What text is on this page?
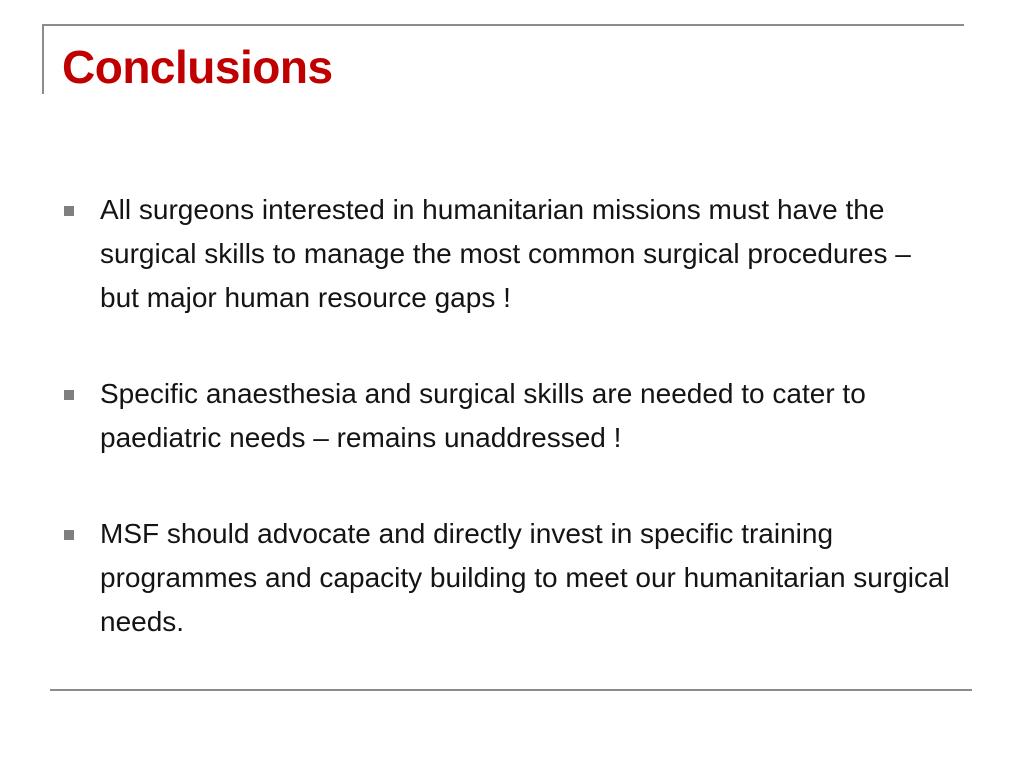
Conclusions
All surgeons interested in humanitarian missions must have the surgical skills to manage the most common surgical procedures – but major human resource gaps !
Specific anaesthesia and surgical skills are needed to cater to paediatric needs – remains unaddressed !
MSF should advocate and directly invest in specific training programmes and capacity building to meet our humanitarian surgical needs.
